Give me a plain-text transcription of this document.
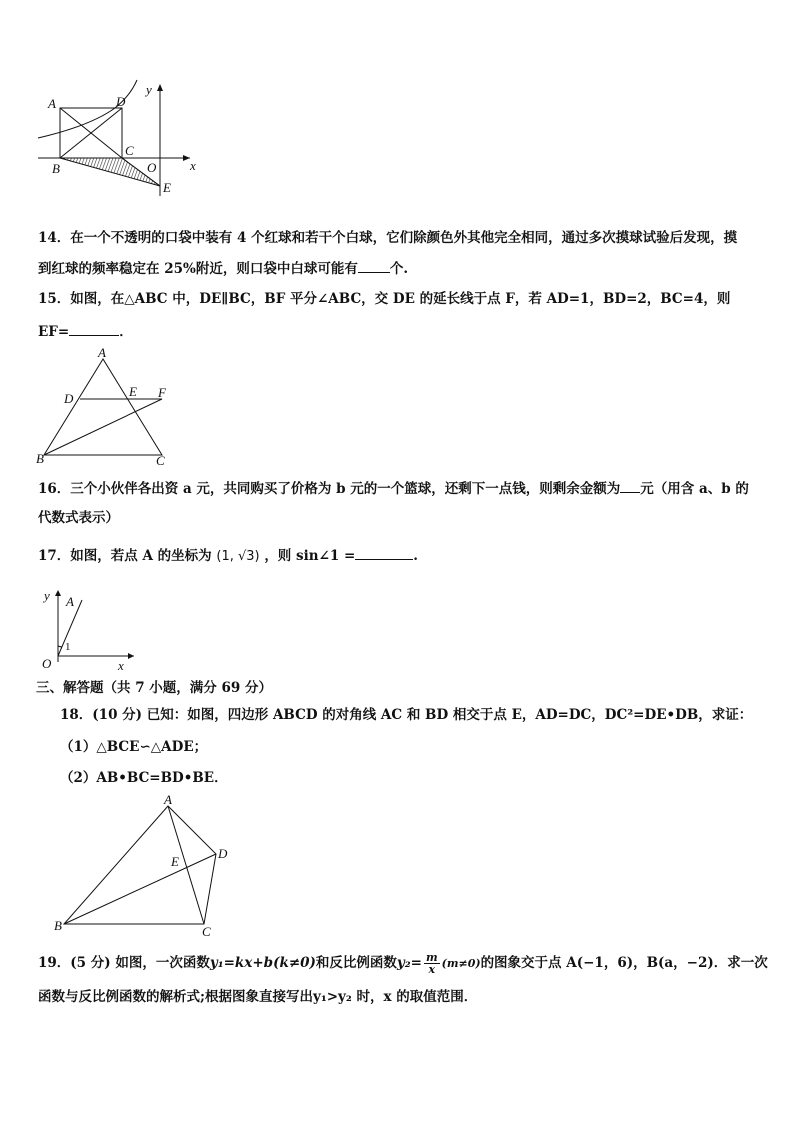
A	D
C
B	O
E
x
y
14．在一个不透明的口袋中装有 4 个红球和若干个白球，它们除颜色外其他完全相同，通过多次摸球试验后发现，摸
到红球的频率稳定在 25%附近，则口袋中白球可能有 个.
15．如图，在△ABC 中，DE∥BC，BF 平分∠ABC，交 DE 的延长线于点 F，若 AD=1，BD=2，BC=4，则
EF=	．
A
D	E F
B	C
16．三个小伙伴各出资 a 元，共同购买了价格为 b 元的一个篮球，还剩下一点钱，则剩余金额为 元（用含 a、b 的
代数式表示）
17．如图，若点 A 的坐标为 (1, √3) ，则 sin∠1 =	.
y A
1
O	x
三、解答题（共 7 小题，满分 69 分）
18．(10 分) 已知：如图，四边形 ABCD 的对角线 AC 和 BD 相交于点 E，AD=DC，DC²=DE•DB，求证：
（1）△BCE∽△ADE；
（2）AB•BC=BD•BE．
A
E
D
B	C
19．(5 分) 如图，一次函数y₁=kx+b(k≠0)和反比例函数$y_2= \frac{m}{x} (m\ne 0)$的图象交于点 A(−1，6)，B(a，−2)．求一次
函数与反比例函数的解析式;根据图象直接写出y₁>y₂ 时，x 的取值范围．
